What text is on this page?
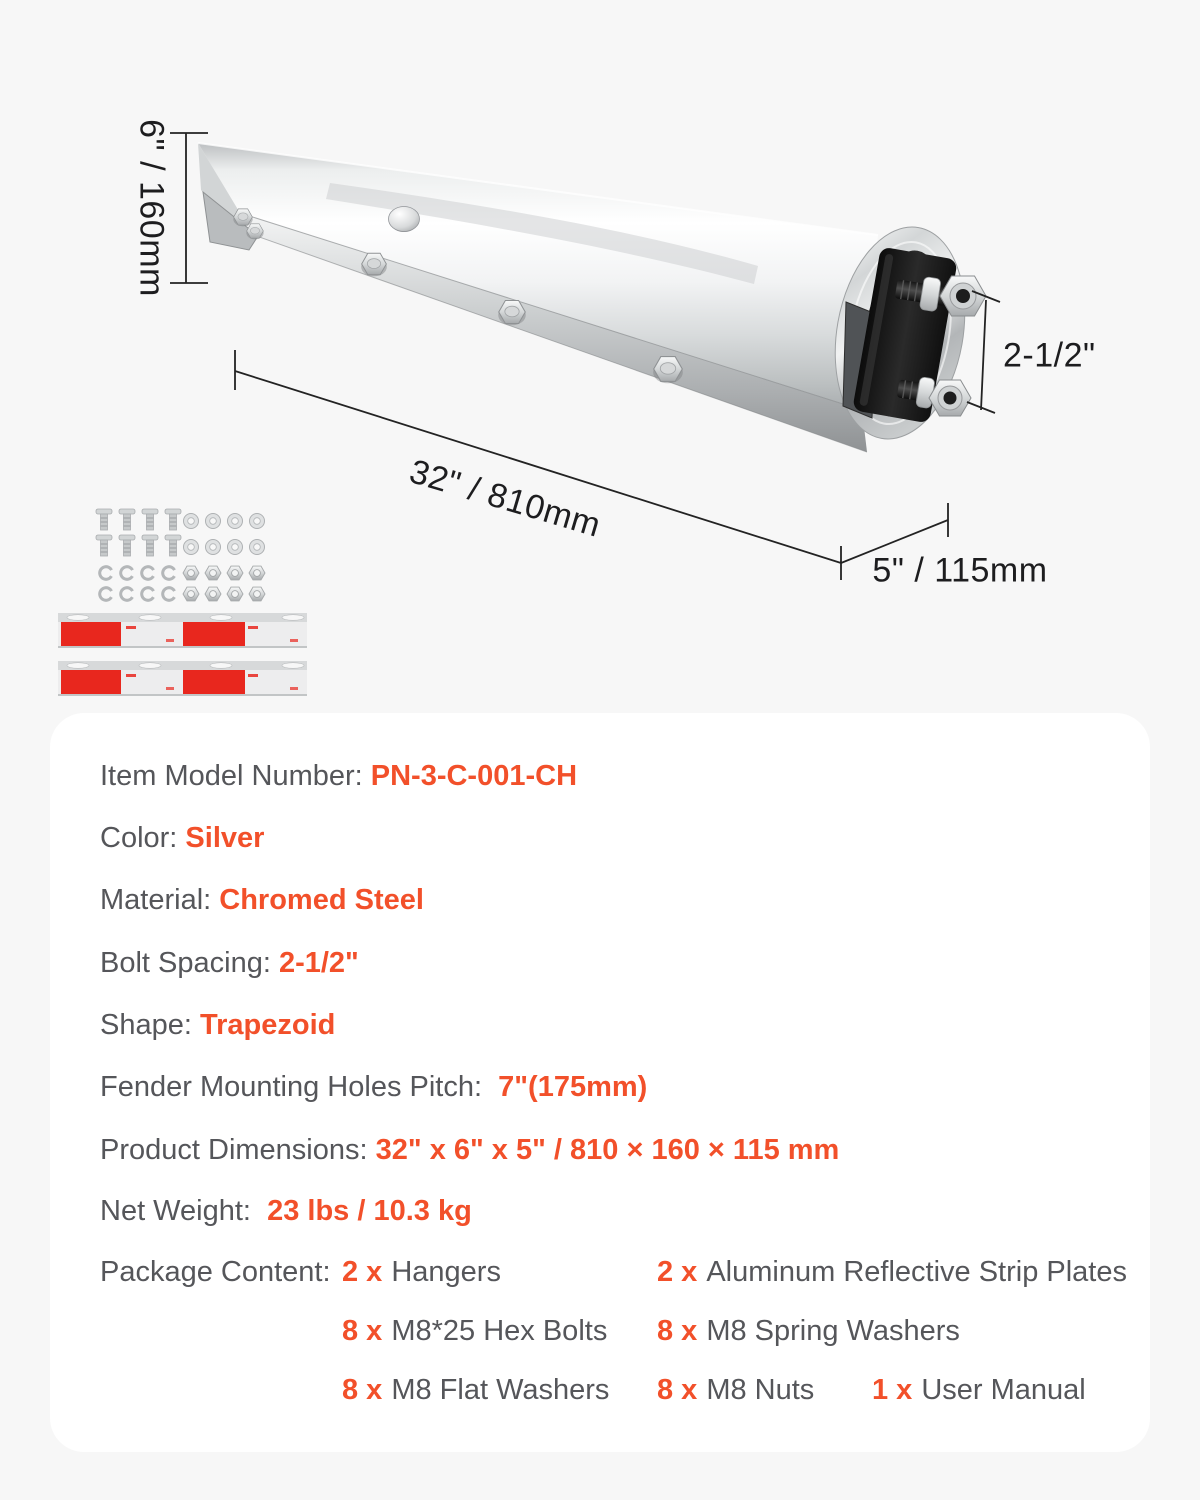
6" / 160mm
32" / 810mm
5" / 115mm
2-1/2"
Item Model Number: PN-3-C-001-CH
Color: Silver
Material: Chromed Steel
Bolt Spacing: 2-1/2"
Shape: Trapezoid
Fender Mounting Holes Pitch:  7"(175mm)
Product Dimensions: 32" x 6" x 5" / 810 × 160 × 115 mm
Net Weight:  23 lbs / 10.3 kg
Package Content: 2 x Hangers	2 x Aluminum Reflective Strip Plates
8 x M8*25 Hex Bolts 8 x M8 Spring Washers
8 x M8 Flat Washers 8 x M8 Nuts 1 x User Manual
